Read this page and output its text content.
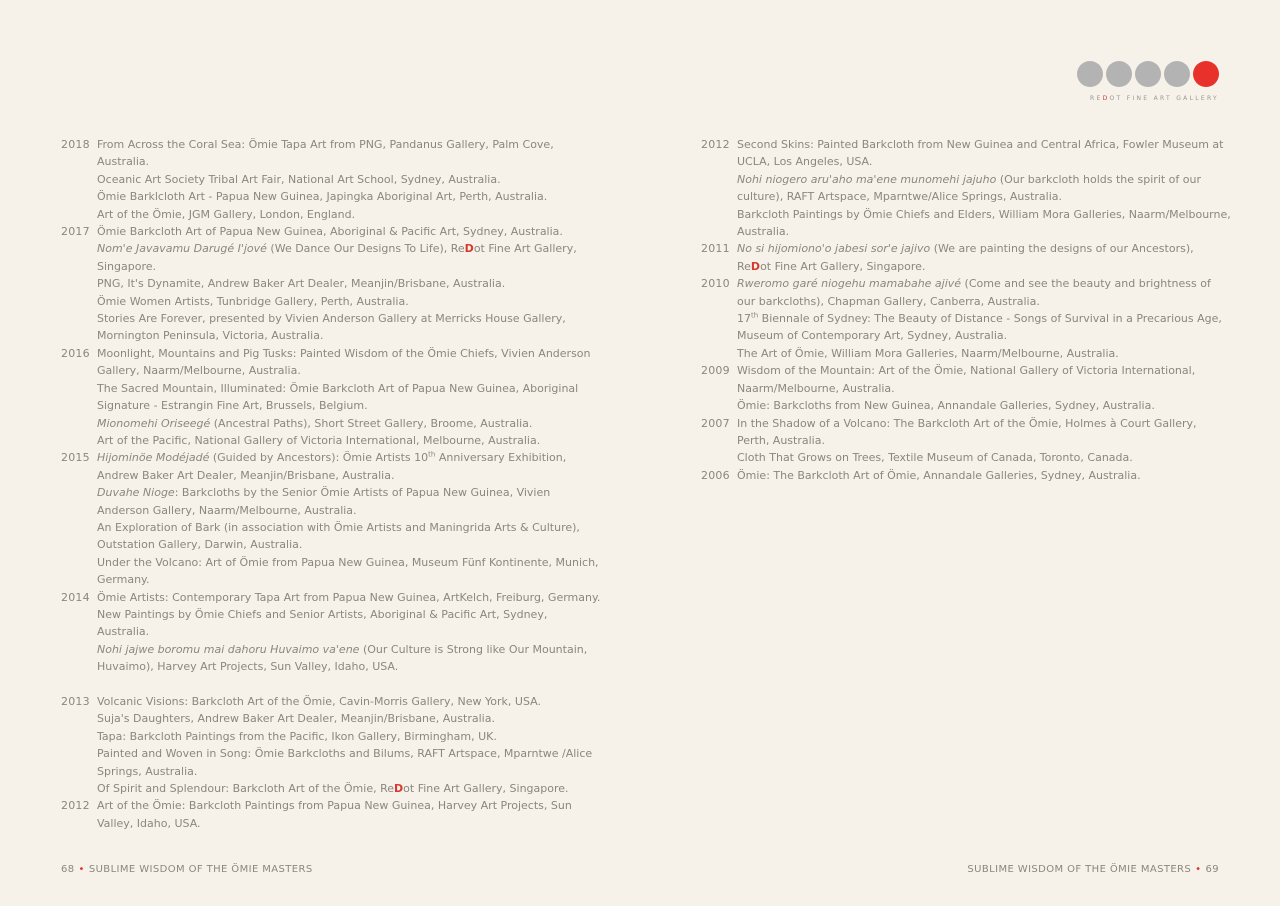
REDOT FINE ART GALLERY
2018 From Across the Coral Sea: Ömie Tapa Art from PNG, Pandanus Gallery, Palm Cove, Australia.

Oceanic Art Society Tribal Art Fair, National Art School, Sydney, Australia.

Ömie Barklcloth Art - Papua New Guinea, Japingka Aboriginal Art, Perth, Australia.

Art of the Ömie, JGM Gallery, London, England.

2017 Ömie Barkcloth Art of Papua New Guinea, Aboriginal & Pacific Art, Sydney, Australia.

Nom'e Javavamu Darugé I'jové (We Dance Our Designs To Life), ReDot Fine Art Gallery, Singapore.

PNG, It's Dynamite, Andrew Baker Art Dealer, Meanjin/Brisbane, Australia.

Ömie Women Artists, Tunbridge Gallery, Perth, Australia.

Stories Are Forever, presented by Vivien Anderson Gallery at Merricks House Gallery, Mornington Peninsula, Victoria, Australia.

2016 Moonlight, Mountains and Pig Tusks: Painted Wisdom of the Ömie Chiefs, Vivien Anderson Gallery, Naarm/Melbourne, Australia.

The Sacred Mountain, Illuminated: Ömie Barkcloth Art of Papua New Guinea, Aboriginal Signature - Estrangin Fine Art, Brussels, Belgium.

Mionomehi Oriseegé (Ancestral Paths), Short Street Gallery, Broome, Australia.

Art of the Pacific, National Gallery of Victoria International, Melbourne, Australia.

2015 Hijominöe Modéjadé (Guided by Ancestors): Ömie Artists 10th Anniversary Exhibition, Andrew Baker Art Dealer, Meanjin/Brisbane, Australia.

Duvahe Nioge: Barkcloths by the Senior Ömie Artists of Papua New Guinea, Vivien Anderson Gallery, Naarm/Melbourne, Australia.

An Exploration of Bark (in association with Ömie Artists and Maningrida Arts & Culture), Outstation Gallery, Darwin, Australia.

Under the Volcano: Art of Ömie from Papua New Guinea, Museum Fünf Kontinente, Munich, Germany.

2014 Ömie Artists: Contemporary Tapa Art from Papua New Guinea, ArtKelch, Freiburg, Germany.

New Paintings by Ömie Chiefs and Senior Artists, Aboriginal & Pacific Art, Sydney, Australia.

Nohi jajwe boromu mai dahoru Huvaimo va'ene (Our Culture is Strong like Our Mountain, Huvaimo), Harvey Art Projects, Sun Valley, Idaho, USA.

2013 Volcanic Visions: Barkcloth Art of the Ömie, Cavin-Morris Gallery, New York, USA.

Suja's Daughters, Andrew Baker Art Dealer, Meanjin/Brisbane, Australia.

Tapa: Barkcloth Paintings from the Pacific, Ikon Gallery, Birmingham, UK.

Painted and Woven in Song: Ömie Barkcloths and Bilums, RAFT Artspace, Mparntwe /Alice Springs, Australia.

Of Spirit and Splendour: Barkcloth Art of the Ömie, ReDot Fine Art Gallery, Singapore.

2012 Art of the Ömie: Barkcloth Paintings from Papua New Guinea, Harvey Art Projects, Sun Valley, Idaho, USA.

2012 Second Skins: Painted Barkcloth from New Guinea and Central Africa, Fowler Museum at UCLA, Los Angeles, USA.

Nohi niogero aru'aho ma'ene munomehi jajuho (Our barkcloth holds the spirit of our culture), RAFT Artspace, Mparntwe/Alice Springs, Australia.

Barkcloth Paintings by Ömie Chiefs and Elders, William Mora Galleries, Naarm/Melbourne, Australia.

2011 No si hijomiono'o jabesi sor'e jajivo (We are painting the designs of our Ancestors), ReDot Fine Art Gallery, Singapore.

2010 Rweromo garé niogehu mamabahe ajivé (Come and see the beauty and brightness of our barkcloths), Chapman Gallery, Canberra, Australia.

17th Biennale of Sydney: The Beauty of Distance - Songs of Survival in a Precarious Age, Museum of Contemporary Art, Sydney, Australia.

The Art of Ömie, William Mora Galleries, Naarm/Melbourne, Australia.

2009 Wisdom of the Mountain: Art of the Ömie, National Gallery of Victoria International, Naarm/Melbourne, Australia.

Ömie: Barkcloths from New Guinea, Annandale Galleries, Sydney, Australia.

2007 In the Shadow of a Volcano: The Barkcloth Art of the Ömie, Holmes à Court Gallery, Perth, Australia.

Cloth That Grows on Trees, Textile Museum of Canada, Toronto, Canada.

2006 Ömie: The Barkcloth Art of Ömie, Annandale Galleries, Sydney, Australia.

68 • SUBLIME WISDOM OF THE ÖMIE MASTERS	SUBLIME WISDOM OF THE ÖMIE MASTERS • 69
